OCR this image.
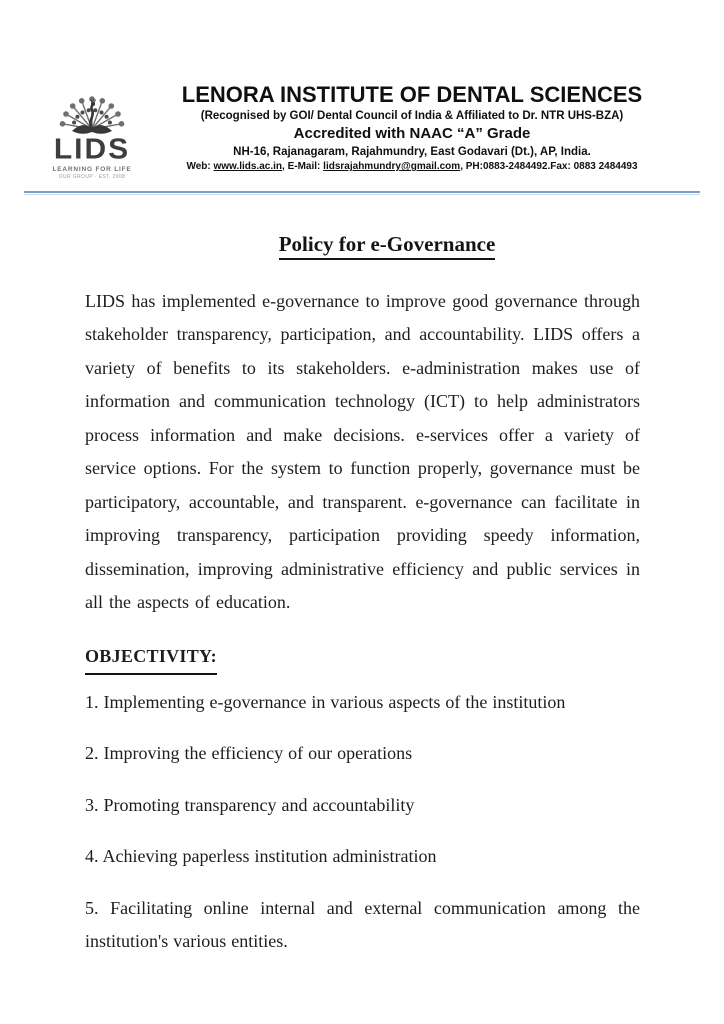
LIDS
LEARNING FOR LIFE
OUR GROUP · EST. 2008
LENORA INSTITUTE OF DENTAL SCIENCES
(Recognised by GOI/ Dental Council of India & Affiliated to Dr. NTR UHS-BZA)
Accredited with NAAC “A” Grade
NH-16, Rajanagaram, Rajahmundry, East Godavari (Dt.), AP, India.
Web: www.lids.ac.in, E-Mail: lidsrajahmundry@gmail.com, PH:0883-2484492.Fax: 0883 2484493
Policy for e-Governance

LIDS has implemented e-governance to improve good governance through stakeholder transparency, participation, and accountability. LIDS offers a variety of benefits to its stakeholders. e-administration makes use of information and communication technology (ICT) to help administrators process information and make decisions. e-services offer a variety of service options. For the system to function properly, governance must be participatory, accountable, and transparent. e-governance can facilitate in improving transparency, participation providing speedy information, dissemination, improving administrative efficiency and public services in all the aspects of education.

OBJECTIVITY:

1. Implementing e-governance in various aspects of the institution

2. Improving the efficiency of our operations

3. Promoting transparency and accountability

4. Achieving paperless institution administration

5. Facilitating online internal and external communication among the institution's various entities.
